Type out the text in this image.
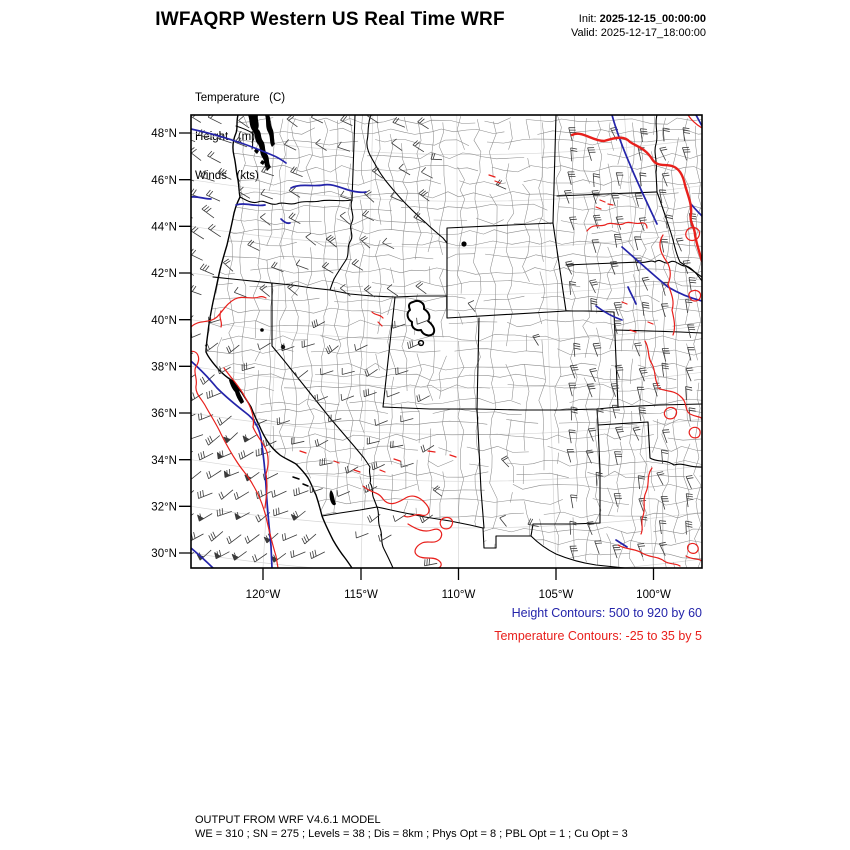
IWFAQRP Western US Real Time WRF	Init: 2025-12-15_00:00:00
Valid: 2025-12-17_18:00:00

Temperature   (C)

Height   (m)

Winds   (kts)

48°N
46°N
44°N
42°N
40°N
38°N
36°N
34°N
32°N
30°N
120°W	115°W	110°W	105°W	100°W
Height Contours: 500 to 920 by 60
Temperature Contours: -25 to 35 by 5
OUTPUT FROM WRF V4.6.1 MODEL
WE = 310 ; SN = 275 ; Levels = 38 ; Dis = 8km ; Phys Opt = 8 ; PBL Opt = 1 ; Cu Opt = 3
